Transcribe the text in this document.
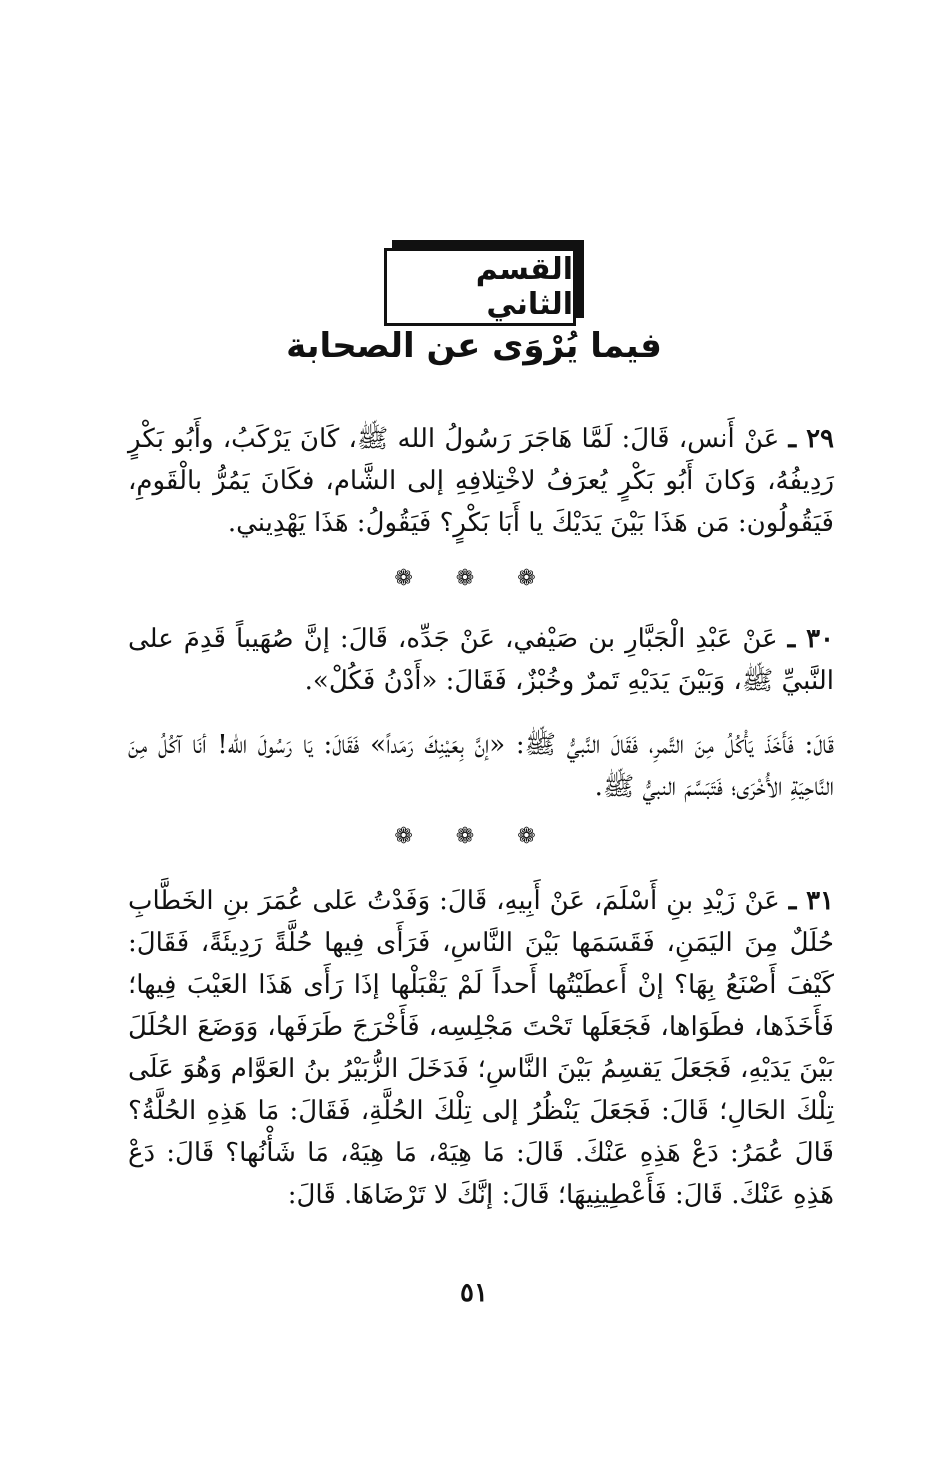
القسم الثاني
فيما يُرْوَى عن الصحابة
٢٩ ـ عَنْ أَنس، قَالَ: لَمَّا هَاجَرَ رَسُولُ الله ﷺ، كَانَ يَرْكَبُ، وأَبُو بَكْرٍ رَدِيفُهُ، وَكانَ أَبُو بَكْرٍ يُعرَفُ لاخْتِلافِهِ إلى الشَّام، فكَانَ يَمُرُّ بالْقَومِ، فَيَقُولُون: مَن هَذَا بَيْنَ يَدَيْكَ يا أَبَا بَكْرٍ؟ فَيَقُولُ: هَذَا يَهْدِيني.
❁ ❁ ❁
٣٠ ـ عَنْ عَبْدِ الْجَبَّارِ بن صَيْفي، عَنْ جَدِّه، قَالَ: إنَّ صُهَيباً قَدِمَ على النَّبيِّ ﷺ، وَبَيْنَ يَدَيْهِ تَمرٌ وخُبْزٌ، فَقَالَ: «أَدْنُ فَكُلْ».
قَالَ: فَأَخَذَ يَأْكُلُ مِنَ التَّمرِ، فَقَالَ النَّبيُّ ﷺ: «إنَّ بِعَيْنِكَ رَمَداً» فَقَالَ: يَا رَسُولَ الله! أنَا آكُلُ مِنَ النَّاحِيَةِ الأُخْرَى؛ فَتَبَسَّمَ النبيُّ ﷺ.
❁ ❁ ❁
٣١ ـ عَنْ زَيْدِ بنِ أَسْلَمَ، عَنْ أَبِيهِ، قَالَ: وَفَدْتُ عَلى عُمَرَ بنِ الخَطَّابِ حُلَلٌ مِنَ اليَمَنِ، فَقَسَمَها بَيْنَ النَّاسِ، فَرَأَى فِيها حُلَّةً رَدِيئَةً، فَقَالَ: كَيْفَ أَصْنَعُ بِهَا؟ إنْ أَعطَيْتُها أَحداً لَمْ يَقْبَلْها إذَا رَأَى هَذَا العَيْبَ فِيها؛ فَأَخَذَها، فطَوَاها، فَجَعَلَها تَحْتَ مَجْلِسِه، فَأَخْرَجَ طَرَفَها، وَوَضَعَ الحُلَلَ بَيْنَ يَدَيْهِ، فَجَعَلَ يَقسِمُ بَيْنَ النَّاسِ؛ فَدَخَلَ الزُّبَيْرُ بنُ العَوَّام وَهُوَ عَلَى تِلْكَ الحَالِ؛ قَالَ: فَجَعَلَ يَنْظُرُ إلى تِلْكَ الحُلَّةِ، فَقَالَ: مَا هَذِهِ الحُلَّةُ؟ قَالَ عُمَرُ: دَعْ هَذِهِ عَنْكَ. قَالَ: مَا هِيَهْ، مَا هِيَهْ، مَا شَأْنُها؟ قَالَ: دَعْ هَذِهِ عَنْكَ. قَالَ: فَأَعْطِينِيهَا؛ قَالَ: إنَّكَ لا تَرْضَاهَا. قَالَ:
٥١
